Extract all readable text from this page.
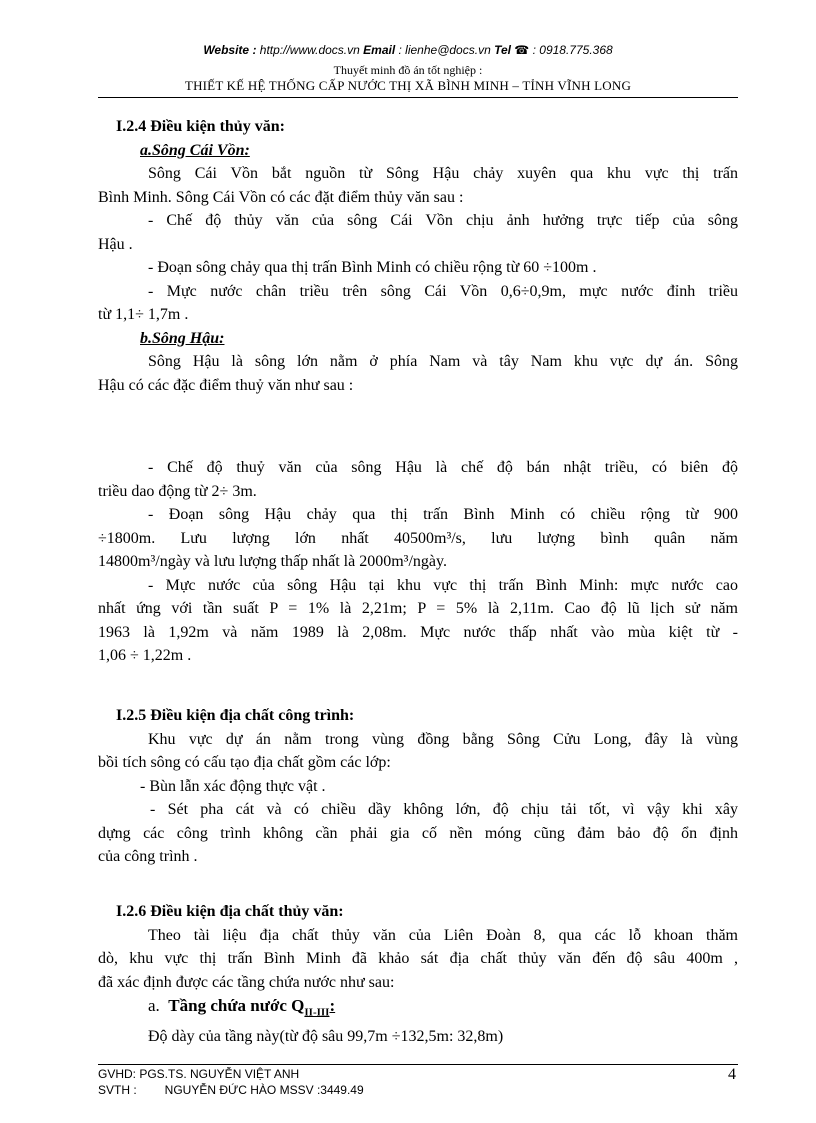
Website : http://www.docs.vn Email : lienhe@docs.vn Tel ☎ : 0918.775.368
Thuyết minh đồ án tốt nghiệp :
THIẾT KẾ HỆ THỐNG CẤP NƯỚC THỊ XÃ BÌNH MINH – TỈNH VĨNH LONG
I.2.4 Điều kiện thủy văn:
a.Sông Cái Vồn:
Sông Cái Vồn bắt nguồn từ Sông Hậu chảy xuyên qua khu vực thị trấn
Bình Minh. Sông Cái Vồn có các đặt điểm thủy văn sau :
- Chế độ thủy văn của sông Cái Vồn chịu ảnh hưởng trực tiếp của sông
Hậu .
- Đoạn sông chảy qua thị trấn Bình Minh có chiều rộng từ 60 ÷100m .
- Mực nước chân triều trên sông Cái Vồn 0,6÷0,9m, mực nước đỉnh triều
từ 1,1÷ 1,7m .
b.Sông Hậu:
Sông Hậu là sông lớn nằm ở phía Nam và tây Nam khu vực dự án. Sông
Hậu có các đặc điểm thuỷ văn như sau :
- Chế độ thuỷ văn của sông Hậu là chế độ bán nhật triều, có biên độ
triều dao động từ 2÷ 3m.
- Đoạn sông Hậu chảy qua thị trấn Bình Minh có chiều rộng từ 900
÷1800m. Lưu lượng lớn nhất 40500m³/s, lưu lượng bình quân năm
14800m³/ngày và lưu lượng thấp nhất là 2000m³/ngày.
- Mực nước của sông Hậu tại khu vực thị trấn Bình Minh: mực nước cao
nhất ứng với tần suất P = 1% là 2,21m; P = 5% là 2,11m. Cao độ lũ lịch sử năm
1963 là 1,92m và năm 1989 là 2,08m. Mực nước thấp nhất vào mùa kiệt từ -
1,06 ÷ 1,22m .
I.2.5 Điều kiện địa chất công trình:
Khu vực dự án nằm trong vùng đồng bằng Sông Cửu Long, đây là vùng
bồi tích sông có cấu tạo địa chất gồm các lớp:
- Bùn lẫn xác động thực vật .
- Sét pha cát và có chiều dầy không lớn, độ chịu tải tốt, vì vậy khi xây
dựng các công trình không cần phải gia cố nền móng cũng đảm bảo độ ổn định
của công trình .
I.2.6 Điều kiện địa chất thủy văn:
Theo tài liệu địa chất thủy văn của Liên Đoàn 8, qua các lỗ khoan thăm
dò, khu vực thị trấn Bình Minh đã khảo sát địa chất thủy văn đến độ sâu 400m ,
đã xác định được các tầng chứa nước như sau:
a.  Tầng chứa nước $Q_{II-III}$:
Độ dày của tầng này(từ độ sâu 99,7m ÷132,5m: 32,8m)
GVHD: PGS.TS. NGUYỄN VIỆT ANH
SVTH : NGUYỄN ĐỨC HÀO MSSV :3449.49
4
